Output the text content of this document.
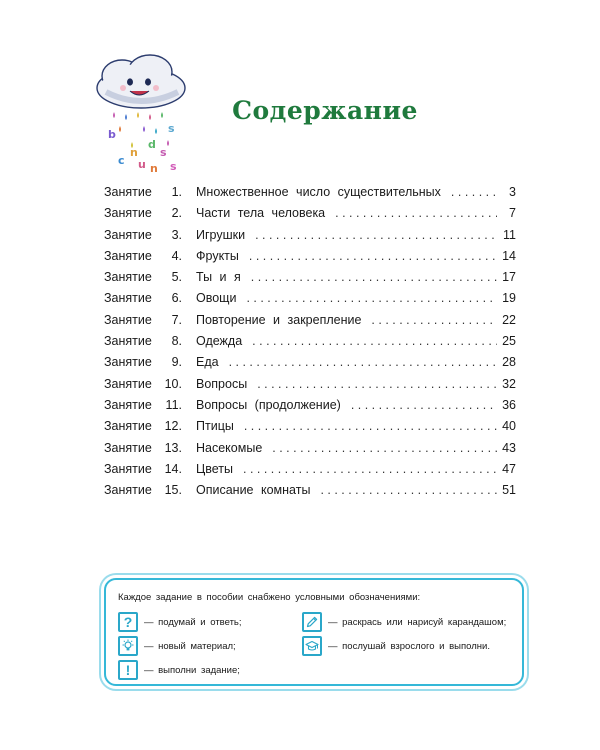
b	s
n
d
s
c u n s
Содержание
Занятие	1. Множественное число существительных . . .	3
Занятие	2. Части тела человека . . .	7
Занятие	3. Игрушки . . .	11
Занятие	4. Фрукты . . .	14
Занятие	5. Ты и я . . .	17
Занятие	6. Овощи . . .	19
Занятие	7. Повторение и закрепление . . .	22
Занятие	8. Одежда . . .	25
Занятие	9. Еда . . .	28
Занятие	10. Вопросы . . .	32
Занятие	11. Вопросы (продолжение) . . .	36
Занятие	12. Птицы . . .	40
Занятие	13. Насекомые . . .	43
Занятие	14. Цветы . . .	47
Занятие	15. Описание комнаты . . .	51
Каждое задание в пособии снабжено условными обозначениями:
?	— подумай и ответь;
— новый материал;
!	— выполни задание;
— раскрась или нарисуй карандашом;
— послушай взрослого и выполни.
